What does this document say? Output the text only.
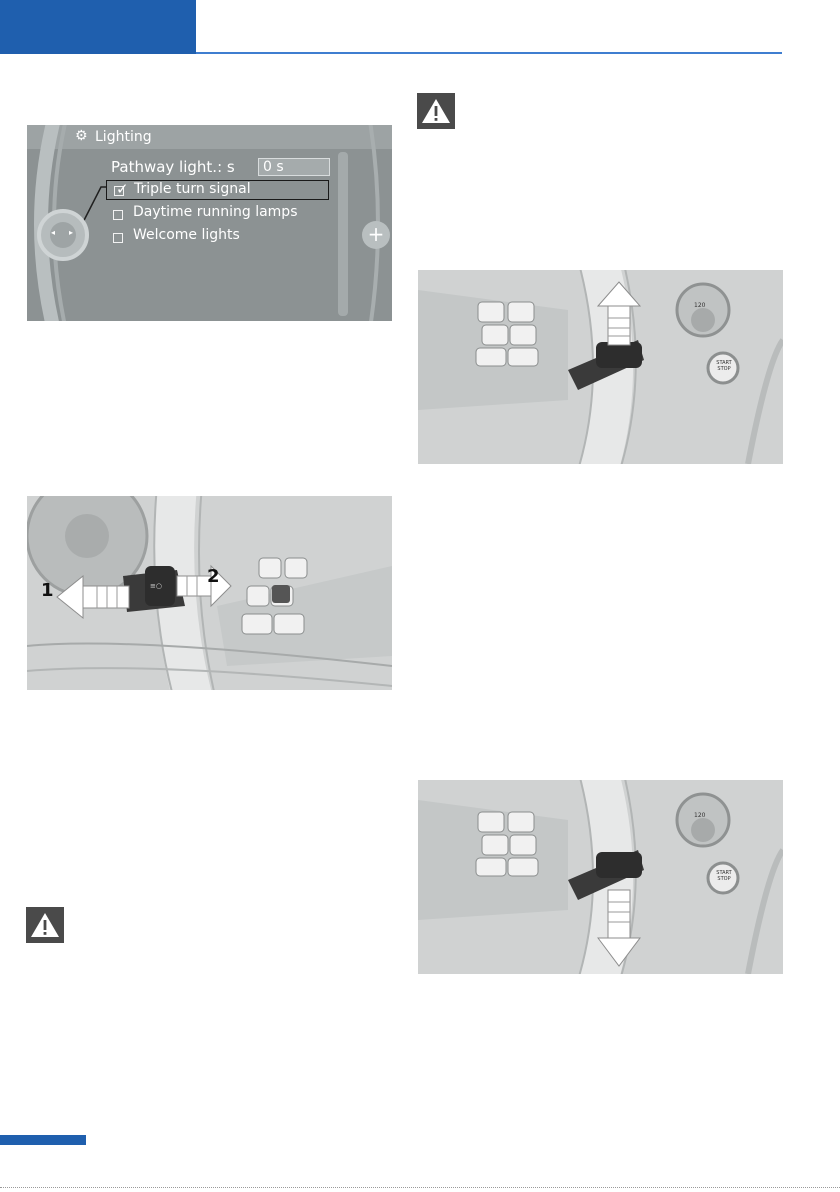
◂ ▸	+
⚙ Lighting
Pathway light.: s 0 s
✓ Triple turn signal
Daytime running lamps
Welcome lights
≡○
1
2
120
START STOP
120
START STOP
